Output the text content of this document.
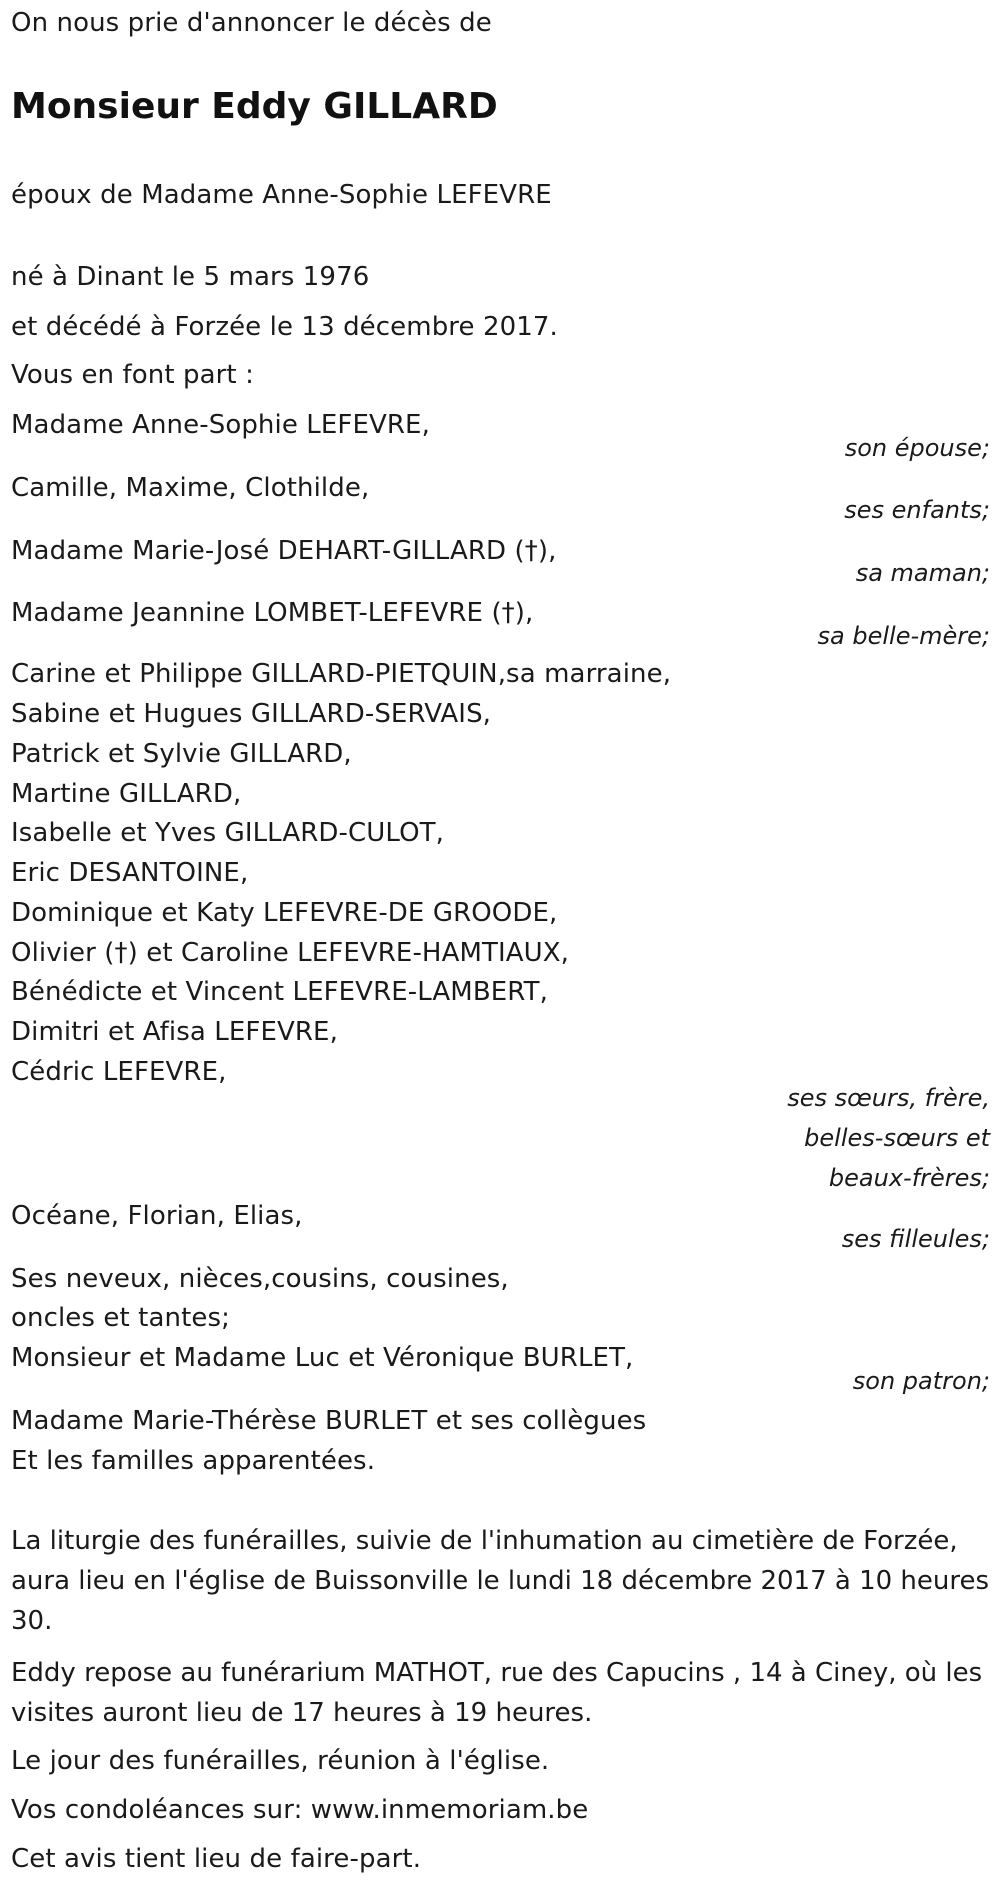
On nous prie d'annoncer le décès de
Monsieur Eddy GILLARD
époux de Madame Anne-Sophie LEFEVRE
né à Dinant le 5 mars 1976
et décédé à Forzée le 13 décembre 2017.
Vous en font part :
Madame Anne-Sophie LEFEVRE,
son épouse;
Camille, Maxime, Clothilde,
ses enfants;
Madame Marie-José DEHART-GILLARD (†),
sa maman;
Madame Jeannine LOMBET-LEFEVRE (†),
sa belle-mère;
Carine et Philippe GILLARD-PIETQUIN,sa marraine,
Sabine et Hugues GILLARD-SERVAIS,
Patrick et Sylvie GILLARD,
Martine GILLARD,
Isabelle et Yves GILLARD-CULOT,
Eric DESANTOINE,
Dominique et Katy LEFEVRE-DE GROODE,
Olivier (†) et Caroline LEFEVRE-HAMTIAUX,
Bénédicte et Vincent LEFEVRE-LAMBERT,
Dimitri et Afisa LEFEVRE,
Cédric LEFEVRE,
ses sœurs, frère,
belles-sœurs et
beaux-frères;
Océane, Florian, Elias,
ses filleules;
Ses neveux, nièces,cousins, cousines,
oncles et tantes;
Monsieur et Madame Luc et Véronique BURLET,
son patron;
Madame Marie-Thérèse BURLET et ses collègues
Et les familles apparentées.
La liturgie des funérailles, suivie de l'inhumation au cimetière de Forzée, aura lieu en l'église de Buissonville le lundi 18 décembre 2017 à 10 heures 30.
Eddy repose au funérarium MATHOT, rue des Capucins , 14 à Ciney, où les visites auront lieu de 17 heures à 19 heures.
Le jour des funérailles, réunion à l'église.
Vos condoléances sur: www.inmemoriam.be
Cet avis tient lieu de faire-part.
